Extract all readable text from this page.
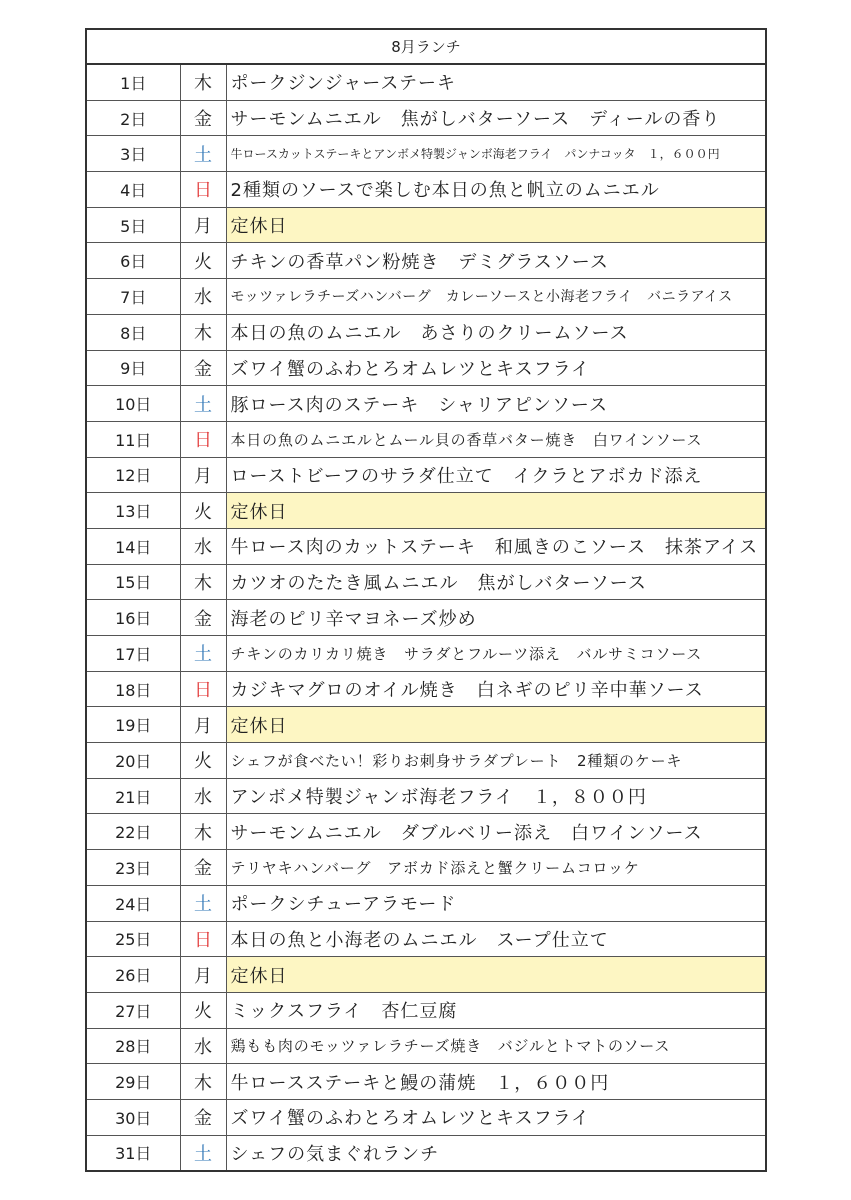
8月ランチ		
1日	木	ポークジンジャーステーキ
2日	金	サーモンムニエル　焦がしバターソース　ディールの香り
3日	土	牛ロースカットステーキとアンボメ特製ジャンボ海老フライ　パンナコッタ　１，６００円
4日	日	2種類のソースで楽しむ本日の魚と帆立のムニエル
5日	月	定休日
6日	火	チキンの香草パン粉焼き　デミグラスソース
7日	水	モッツァレラチーズハンバーグ　カレーソースと小海老フライ　バニラアイス
8日	木	本日の魚のムニエル　あさりのクリームソース
9日	金	ズワイ蟹のふわとろオムレツとキスフライ
10日	土	豚ロース肉のステーキ　シャリアピンソース
11日	日	本日の魚のムニエルとムール貝の香草バター焼き　白ワインソース
12日	月	ローストビーフのサラダ仕立て　イクラとアボカド添え
13日	火	定休日
14日	水	牛ロース肉のカットステーキ　和風きのこソース　抹茶アイス
15日	木	カツオのたたき風ムニエル　焦がしバターソース
16日	金	海老のピリ辛マヨネーズ炒め
17日	土	チキンのカリカリ焼き　サラダとフルーツ添え　バルサミコソース
18日	日	カジキマグロのオイル焼き　白ネギのピリ辛中華ソース
19日	月	定休日
20日	火	シェフが食べたい！彩りお刺身サラダプレート　2種類のケーキ
21日	水	アンボメ特製ジャンボ海老フライ　１，８００円
22日	木	サーモンムニエル　ダブルベリー添え　白ワインソース
23日	金	テリヤキハンバーグ　アボカド添えと蟹クリームコロッケ
24日	土	ポークシチューアラモード
25日	日	本日の魚と小海老のムニエル　スープ仕立て
26日	月	定休日
27日	火	ミックスフライ　杏仁豆腐
28日	水	鶏もも肉のモッツァレラチーズ焼き　バジルとトマトのソース
29日	木	牛ロースステーキと鰻の蒲焼　１，６００円
30日	金	ズワイ蟹のふわとろオムレツとキスフライ
31日	土	シェフの気まぐれランチ
